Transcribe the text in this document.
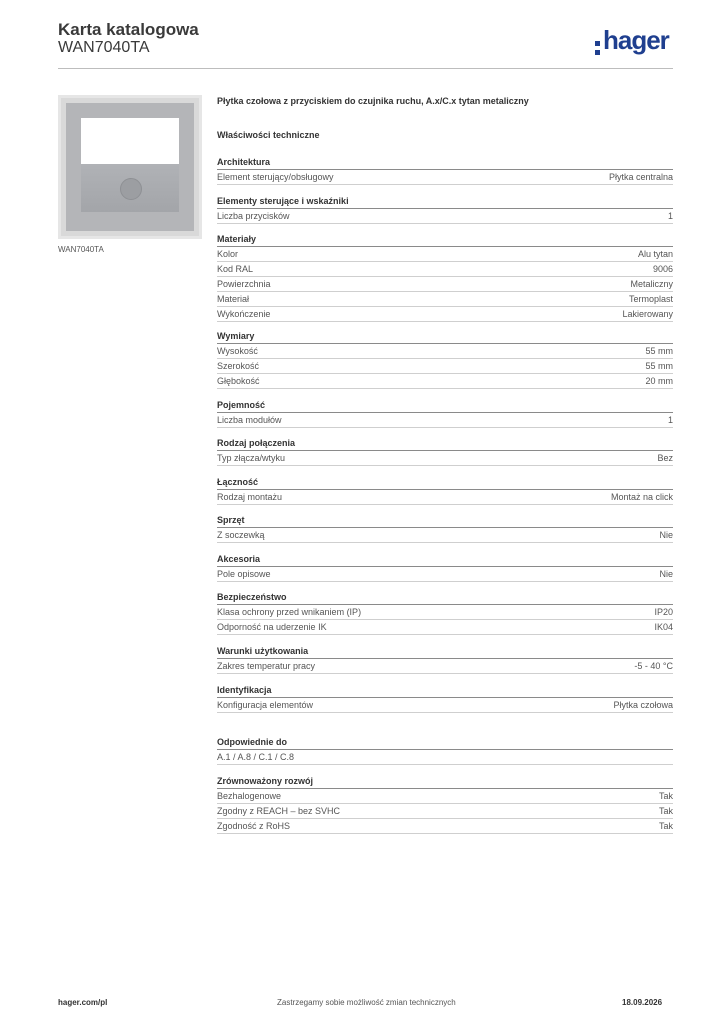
Karta katalogowa
WAN7040TA	hager
WAN7040TA
Płytka czołowa z przyciskiem do czujnika ruchu, A.x/C.x tytan metaliczny
Właściwości techniczne
Architektura
Element sterujący/obsługowy	Płytka centralna
Elementy sterujące i wskaźniki
Liczba przycisków	1
Materiały
Kolor	Alu tytan
Kod RAL	9006
Powierzchnia	Metaliczny
Materiał	Termoplast
Wykończenie	Lakierowany
Wymiary
Wysokość	55 mm
Szerokość	55 mm
Głębokość	20 mm
Pojemność
Liczba modułów	1
Rodzaj połączenia
Typ złącza/wtyku	Bez
Łączność
Rodzaj montażu	Montaż na click
Sprzęt
Z soczewką	Nie
Akcesoria
Pole opisowe	Nie
Bezpieczeństwo
Klasa ochrony przed wnikaniem (IP)	IP20
Odporność na uderzenie IK	IK04
Warunki użytkowania
Zakres temperatur pracy	-5 - 40 °C
Identyfikacja
Konfiguracja elementów	Płytka czołowa
Odpowiednie do
A.1 / A.8 / C.1 / C.8
Zrównoważony rozwój
Bezhalogenowe	Tak
Zgodny z REACH – bez SVHC	Tak
Zgodność z RoHS	Tak
hager.com/pl	Zastrzegamy sobie możliwość zmian technicznych	18.09.2026
